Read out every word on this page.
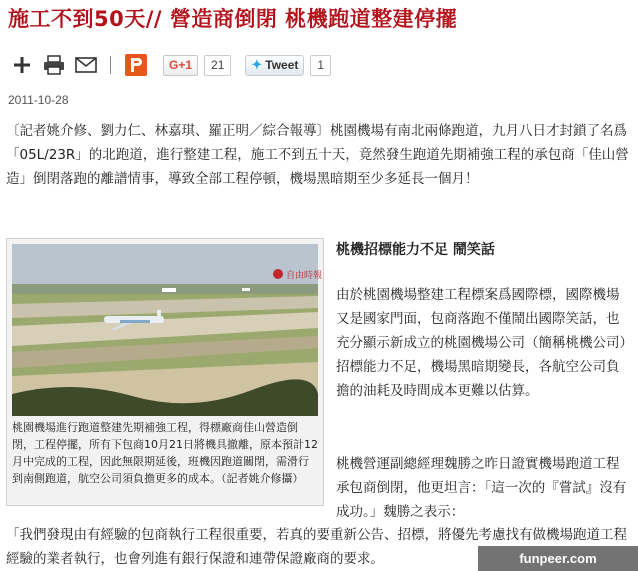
施工不到50天// 營造商倒閉 桃機跑道整建停擺
G+1	21	✦ Tweet	1
2011-10-28
〔記者姚介修、劉力仁、林嘉琪、羅正明／綜合報導〕桃園機場有南北兩條跑道，九月八日才封鎖了名爲「05L/23R」的北跑道，進行整建工程，施工不到五十天，竟然發生跑道先期補強工程的承包商「佳山營造」倒閉落跑的離譜情事，導致全部工程停頓，機場黑暗期至少多延長一個月！
自由時報
桃園機場進行跑道整建先期補強工程，得標廠商佳山營造倒閉，工程停擺，所有下包商10月21日將機具撤離，原本預計12月中完成的工程，因此無限期延後，班機因跑道關閉，需滑行到南側跑道，航空公司須負擔更多的成本。（記者姚介修攝）
桃機招標能力不足 鬧笑話
由於桃園機場整建工程標案爲國際標，國際機場又是國家門面，包商落跑不僅鬧出國際笑話，也充分顯示新成立的桃園機場公司（簡稱桃機公司）招標能力不足，機場黑暗期變長，各航空公司負擔的油耗及時間成本更難以估算。
桃機營運副總經理魏勝之昨日證實機場跑道工程承包商倒閉，他更坦言：「這一次的『嘗試』沒有成功。」魏勝之表示：
「我們發現由有經驗的包商執行工程很重要，若真的要重新公告、招標，將優先考慮找有做機場跑道工程經驗的業者執行，也會列進有銀行保證和連帶保證廠商的要求。	funpeer.com
